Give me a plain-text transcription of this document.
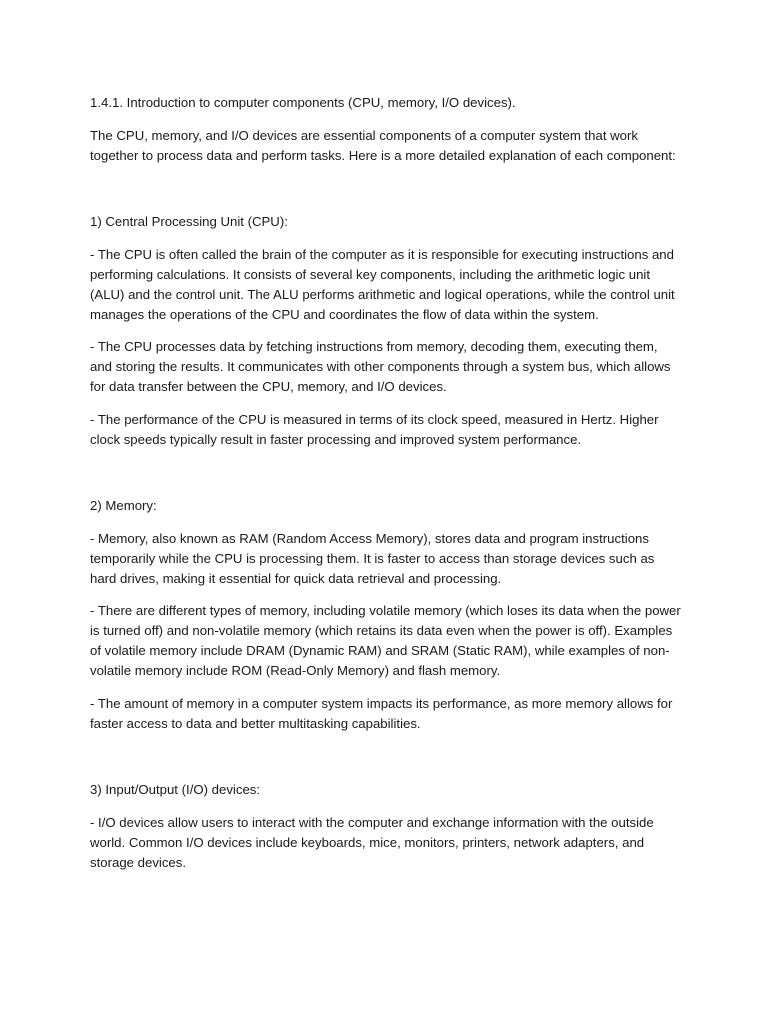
1.4.1. Introduction to computer components (CPU, memory, I/O devices).

The CPU, memory, and I/O devices are essential components of a computer system that work together to process data and perform tasks. Here is a more detailed explanation of each component:

1) Central Processing Unit (CPU):

- The CPU is often called the brain of the computer as it is responsible for executing instructions and performing calculations. It consists of several key components, including the arithmetic logic unit (ALU) and the control unit. The ALU performs arithmetic and logical operations, while the control unit manages the operations of the CPU and coordinates the flow of data within the system.

- The CPU processes data by fetching instructions from memory, decoding them, executing them, and storing the results. It communicates with other components through a system bus, which allows for data transfer between the CPU, memory, and I/O devices.

- The performance of the CPU is measured in terms of its clock speed, measured in Hertz. Higher clock speeds typically result in faster processing and improved system performance.

2) Memory:

- Memory, also known as RAM (Random Access Memory), stores data and program instructions temporarily while the CPU is processing them. It is faster to access than storage devices such as hard drives, making it essential for quick data retrieval and processing.

- There are different types of memory, including volatile memory (which loses its data when the power is turned off) and non-volatile memory (which retains its data even when the power is off). Examples of volatile memory include DRAM (Dynamic RAM) and SRAM (Static RAM), while examples of non-volatile memory include ROM (Read-Only Memory) and flash memory.

- The amount of memory in a computer system impacts its performance, as more memory allows for faster access to data and better multitasking capabilities.

3) Input/Output (I/O) devices:

- I/O devices allow users to interact with the computer and exchange information with the outside world. Common I/O devices include keyboards, mice, monitors, printers, network adapters, and storage devices.
